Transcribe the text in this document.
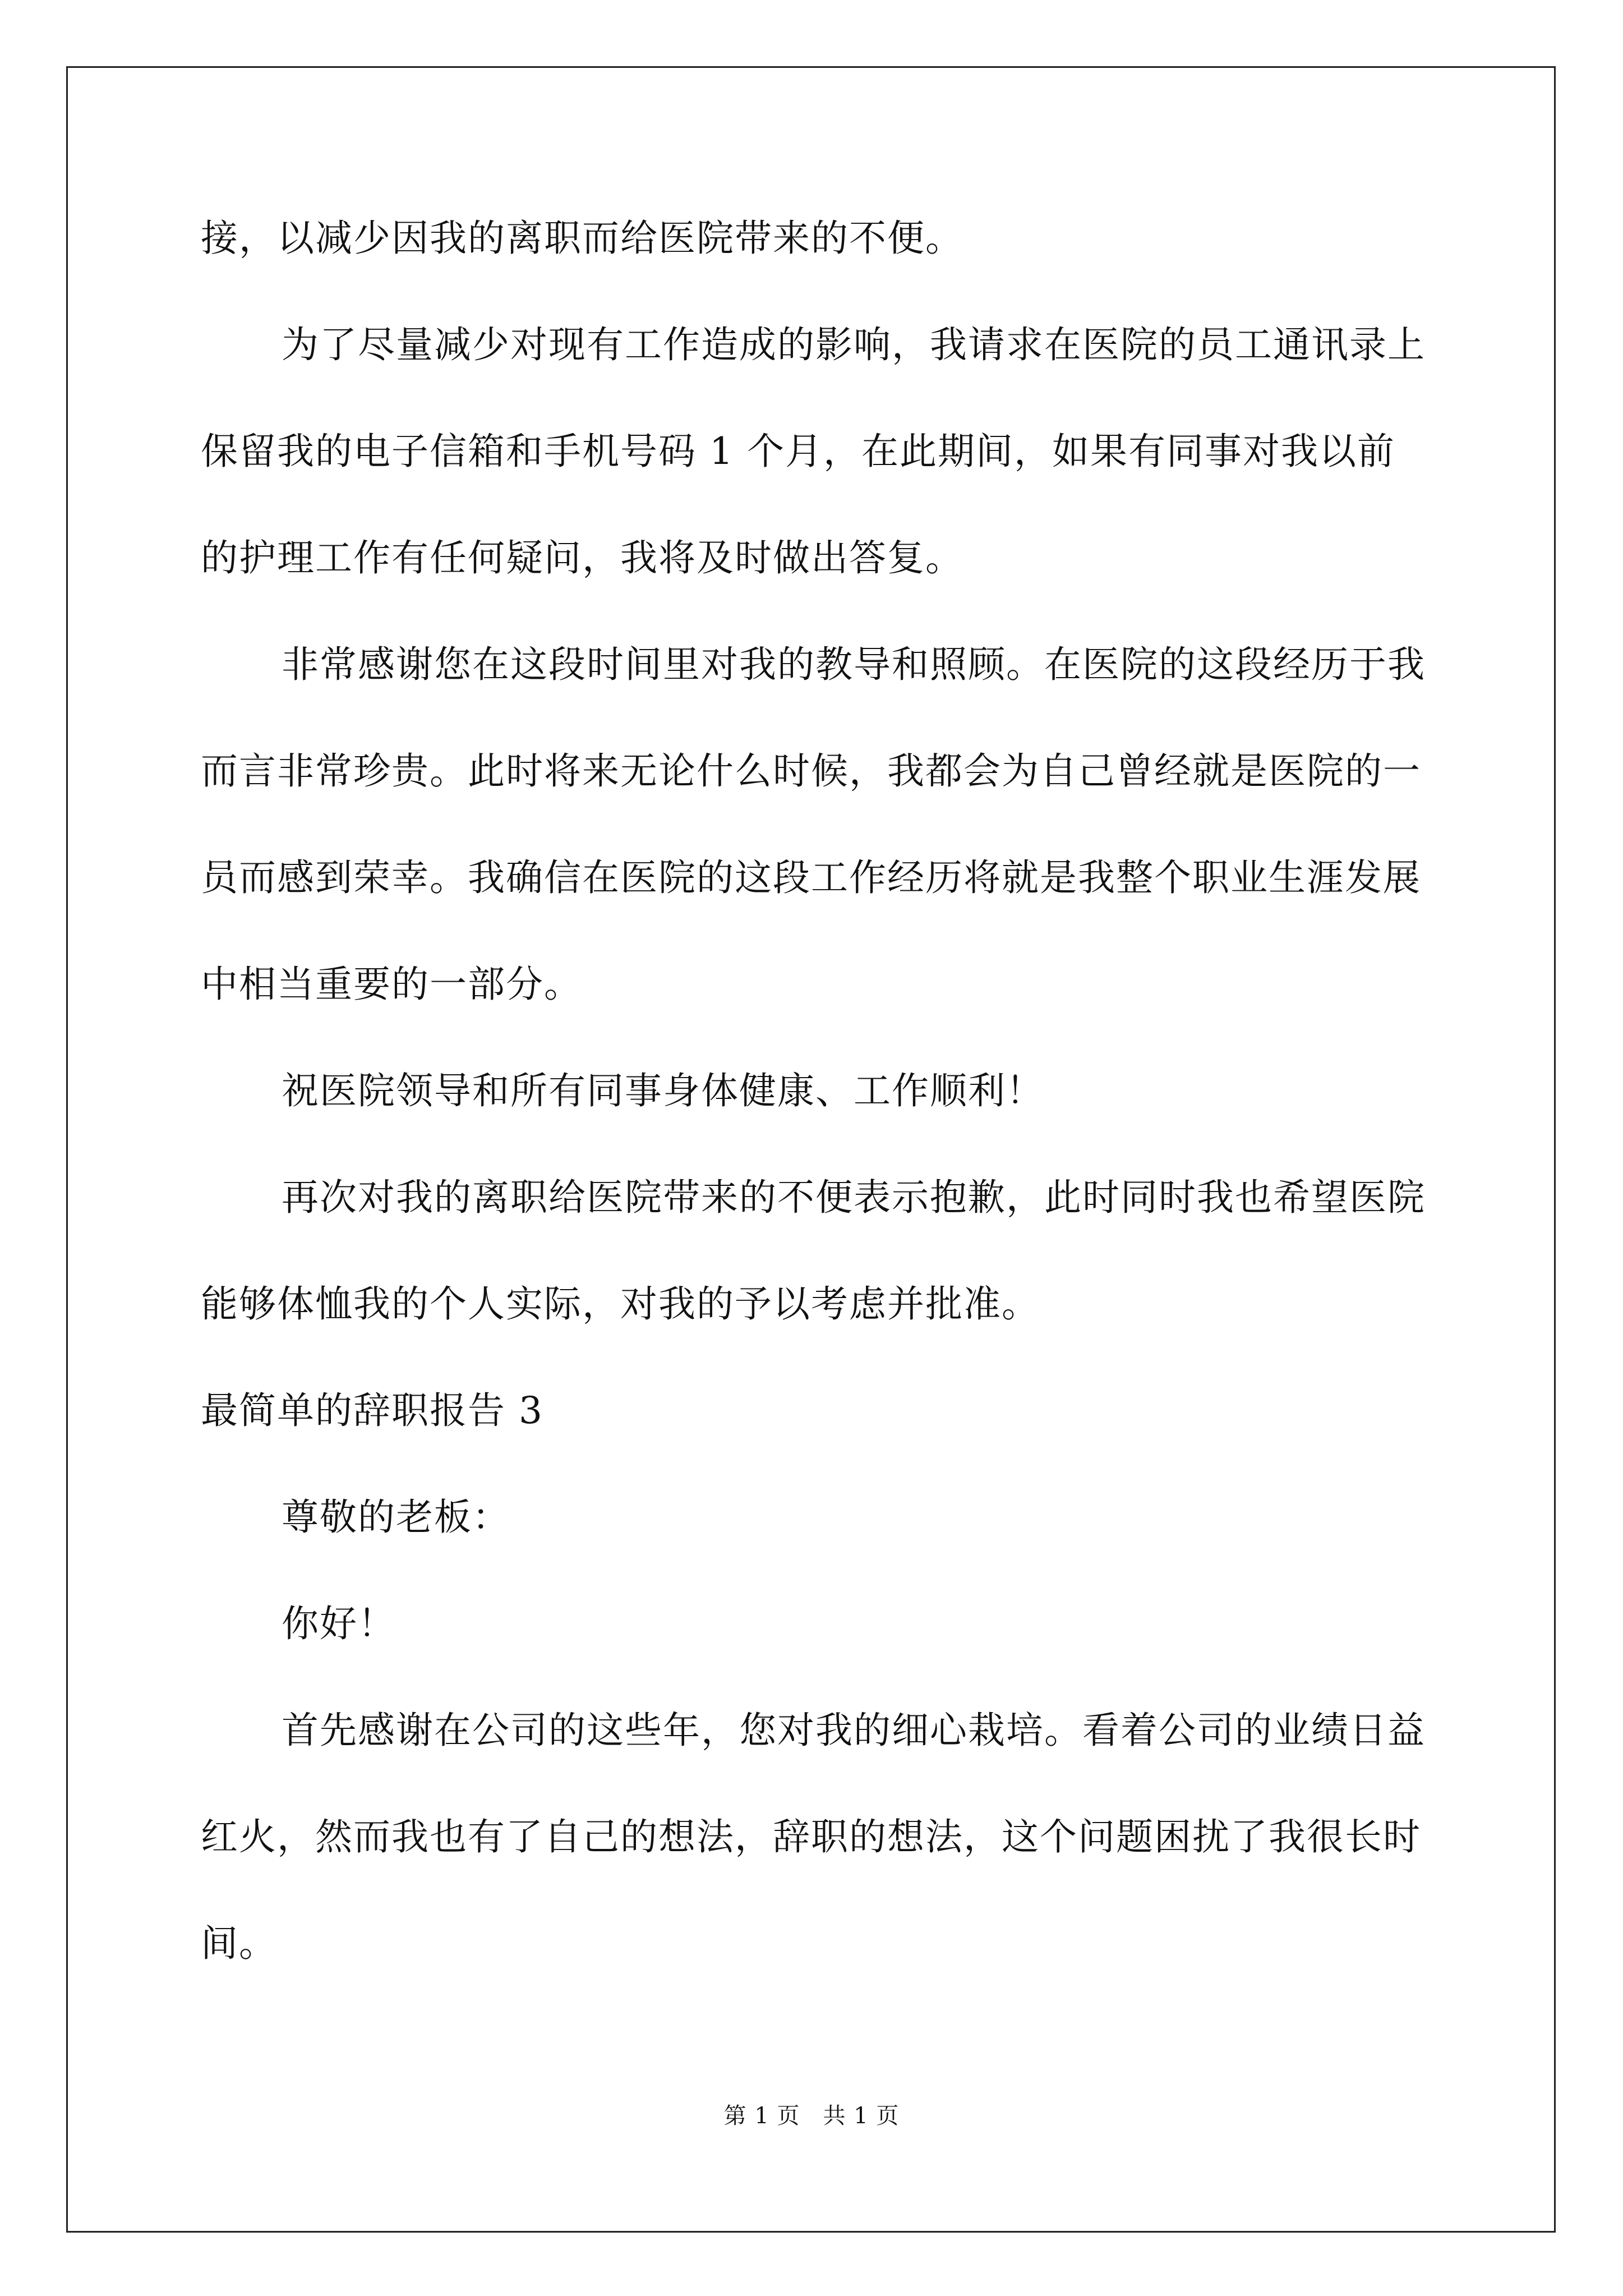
接，以减少因我的离职而给医院带来的不便。

为了尽量减少对现有工作造成的影响，我请求在医院的员工通讯录上保留我的电子信箱和手机号码 1 个月，在此期间，如果有同事对我以前的护理工作有任何疑问，我将及时做出答复。

非常感谢您在这段时间里对我的教导和照顾。在医院的这段经历于我而言非常珍贵。此时将来无论什么时候，我都会为自己曾经就是医院的一员而感到荣幸。我确信在医院的这段工作经历将就是我整个职业生涯发展中相当重要的一部分。

祝医院领导和所有同事身体健康、工作顺利！

再次对我的离职给医院带来的不便表示抱歉，此时同时我也希望医院能够体恤我的个人实际，对我的予以考虑并批准。

最简单的辞职报告 3

尊敬的老板：

你好！

首先感谢在公司的这些年，您对我的细心栽培。看着公司的业绩日益红火，然而我也有了自己的想法，辞职的想法，这个问题困扰了我很长时间。

第 1 页　共 1 页
